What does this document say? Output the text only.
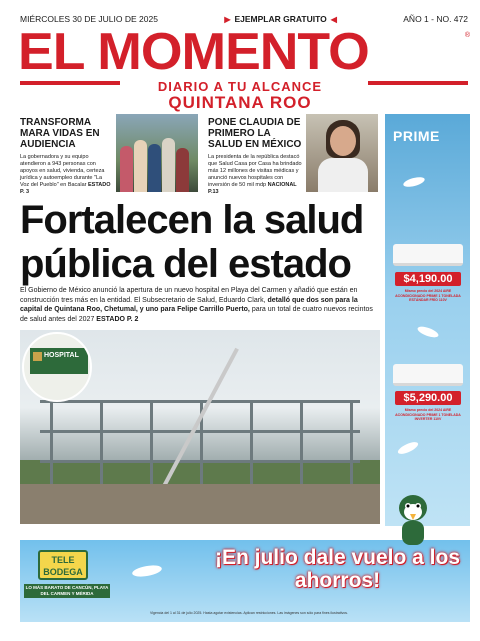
MIÉRCOLES 30 DE JULIO DE 2025	▶ EJEMPLAR GRATUITO ◀	AÑO 1 - NO. 472
EL MOMENTO	®
DIARIO A TU ALCANCE
QUINTANA ROO
TRANSFORMA MARA VIDAS EN AUDIENCIA

La gobernadora y su equipo atendieron a 943 personas con apoyos en salud, vivienda, certeza jurídica y autoempleo durante "La Voz del Pueblo" en Bacalar ESTADO P. 3

PONE CLAUDIA DE PRIMERO LA SALUD EN MÉXICO

La presidenta de la república destacó que Salud Casa por Casa ha brindado más 12 millones de visitas médicas y anunció nuevos hospitales con inversión de 50 mil mdp NACIONAL P.13

Fortalecen la salud pública del estado

El Gobierno de México anunció la apertura de un nuevo hospital en Playa del Carmen y añadió que están en construcción tres más en la entidad. El Subsecretario de Salud, Eduardo Clark, detalló que dos son para la capital de Quintana Roo, Chetumal, y uno para Felipe Carrillo Puerto, para un total de cuatro nuevos recintos de salud antes del 2027 ESTADO P. 2

HOSPITAL
PRIME
$4,190.00
Mismo precio del 2024 AIRE ACONDICIONADO PRIME 1 TONELADA ESTÁNDAR FRÍO 110V
$5,290.00
Mismo precio del 2024 AIRE ACONDICIONADO PRIME 1 TONELADA INVERTER 110V
TELE BODEGA
LO MÁS BARATO DE CANCÚN, PLAYA DEL CARMEN Y MÉRIDA
¡En julio dale vuelo a los ahorros!
Vigencia del 1 al 31 de julio 2025. Hasta agotar existencias. Aplican restricciones. Las imágenes son sólo para fines ilustrativos.
